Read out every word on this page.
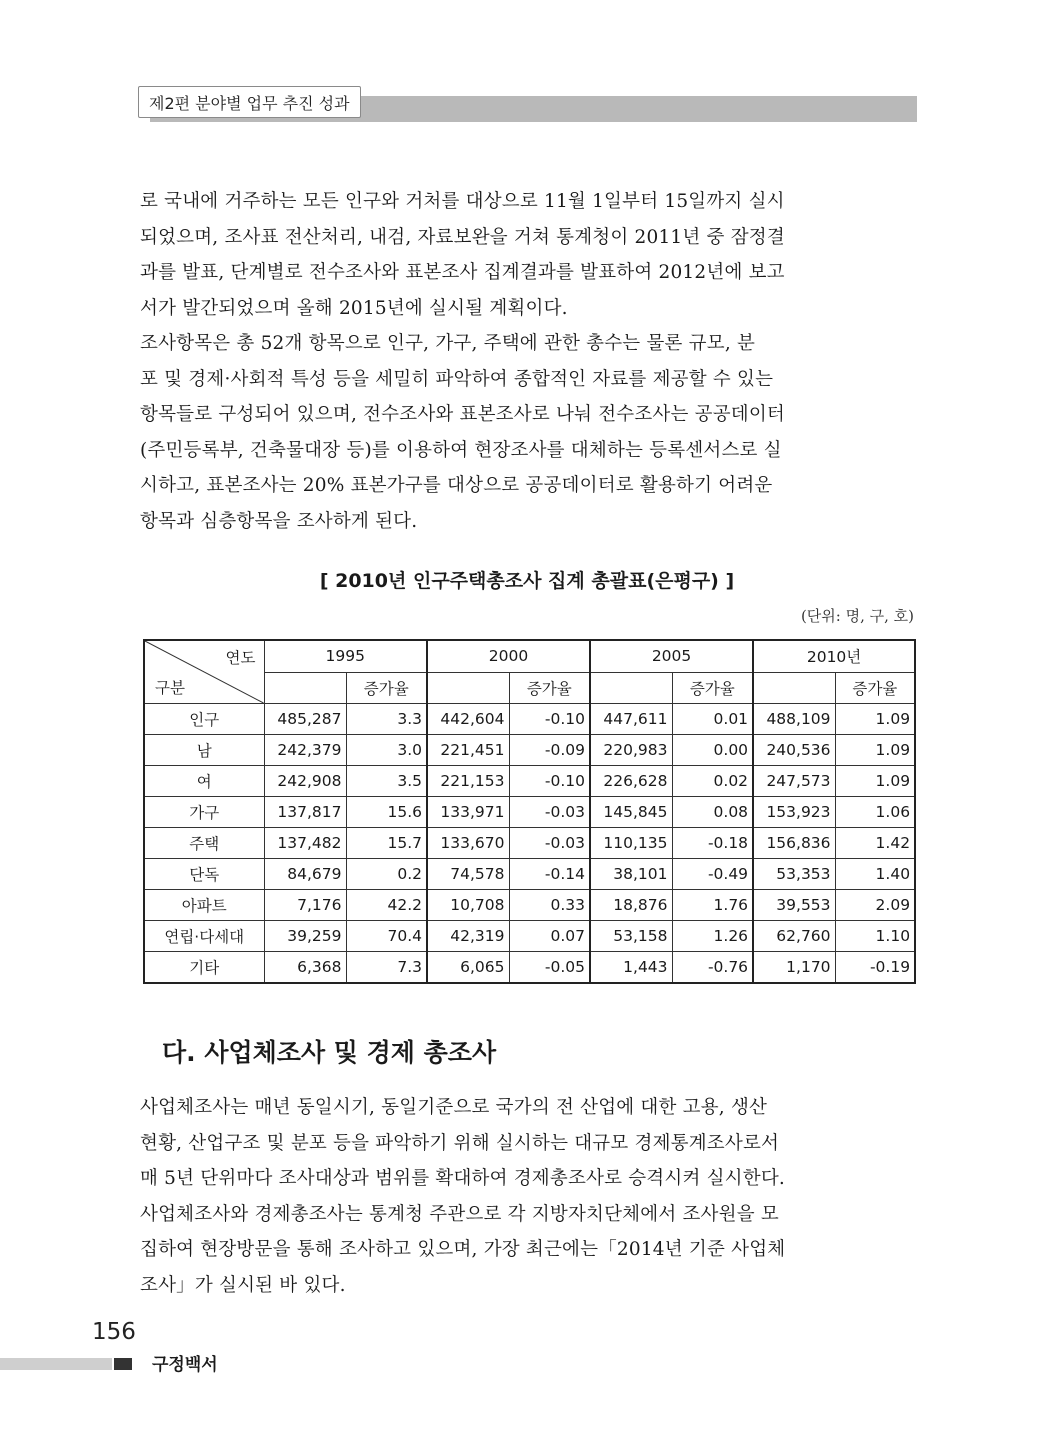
제2편 분야별 업무 추진 성과
로 국내에 거주하는 모든 인구와 거처를 대상으로 11월 1일부터 15일까지 실시
되었으며, 조사표 전산처리, 내검, 자료보완을 거쳐 통계청이 2011년 중 잠정결
과를 발표, 단계별로 전수조사와 표본조사 집계결과를 발표하여 2012년에 보고
서가 발간되었으며 올해 2015년에 실시될 계획이다.
조사항목은 총 52개 항목으로 인구, 가구, 주택에 관한 총수는 물론 규모, 분
포 및 경제·사회적 특성 등을 세밀히 파악하여 종합적인 자료를 제공할 수 있는
항목들로 구성되어 있으며, 전수조사와 표본조사로 나눠 전수조사는 공공데이터
(주민등록부, 건축물대장 등)를 이용하여 현장조사를 대체하는 등록센서스로 실
시하고, 표본조사는 20% 표본가구를 대상으로 공공데이터로 활용하기 어려운
항목과 심층항목을 조사하게 된다.
[ 2010년 인구주택총조사 집계 총괄표(은평구) ]
(단위: 명, 구, 호)
연도
구분	1995		2000		2005		2010년	
		증가율		증가율		증가율		증가율
인구	485,287	3.3	442,604	-0.10	447,611	0.01	488,109	1.09
남	242,379	3.0	221,451	-0.09	220,983	0.00	240,536	1.09
여	242,908	3.5	221,153	-0.10	226,628	0.02	247,573	1.09
가구	137,817	15.6	133,971	-0.03	145,845	0.08	153,923	1.06
주택	137,482	15.7	133,670	-0.03	110,135	-0.18	156,836	1.42
단독	84,679	0.2	74,578	-0.14	38,101	-0.49	53,353	1.40
아파트	7,176	42.2	10,708	0.33	18,876	1.76	39,553	2.09
연립·다세대	39,259	70.4	42,319	0.07	53,158	1.26	62,760	1.10
기타	6,368	7.3	6,065	-0.05	1,443	-0.76	1,170	-0.19
다. 사업체조사 및 경제 총조사
사업체조사는 매년 동일시기, 동일기준으로 국가의 전 산업에 대한 고용, 생산
현황, 산업구조 및 분포 등을 파악하기 위해 실시하는 대규모 경제통계조사로서
매 5년 단위마다 조사대상과 범위를 확대하여 경제총조사로 승격시켜 실시한다.
사업체조사와 경제총조사는 통계청 주관으로 각 지방자치단체에서 조사원을 모
집하여 현장방문을 통해 조사하고 있으며, 가장 최근에는「2014년 기준 사업체
조사」가 실시된 바 있다.
156
구정백서
